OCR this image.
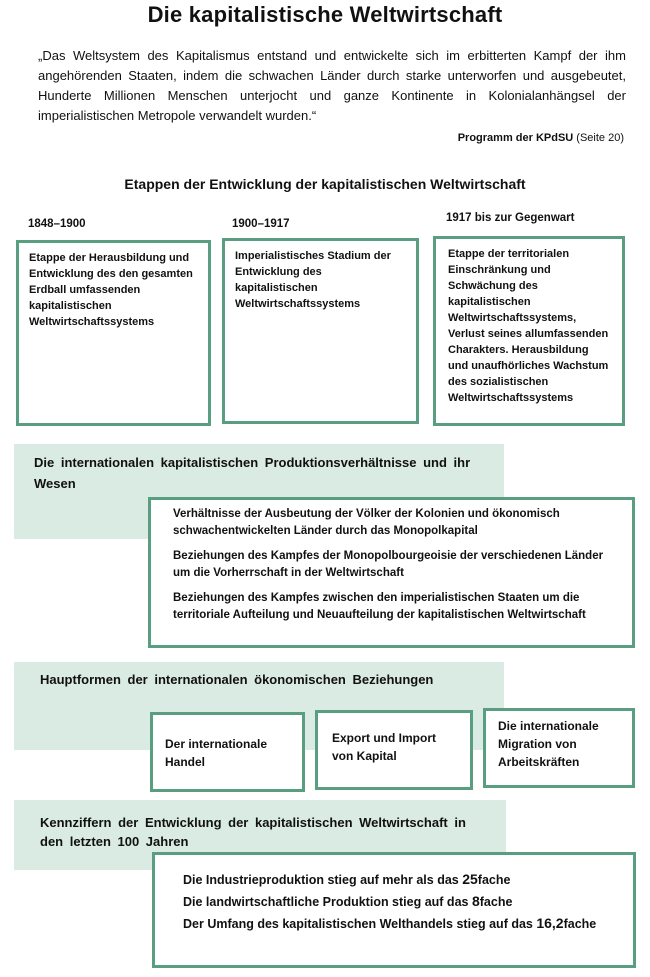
Die kapitalistische Weltwirtschaft
„Das Weltsystem des Kapitalismus entstand und entwickelte sich im erbitterten Kampf der ihm angehörenden Staaten, indem die schwachen Länder durch starke unterworfen und ausgebeutet, Hunderte Millionen Menschen unterjocht und ganze Kontinente in Kolonialanhängsel der imperialistischen Metropole verwandelt wurden.“
Programm der KPdSU (Seite 20)
Etappen der Entwicklung der kapitalistischen Weltwirtschaft
1848–1900
Etappe der Herausbildung und Entwicklung des den gesamten Erdball umfassenden kapitalistischen Weltwirtschaftssystems
1900–1917
Imperialistisches Stadium der Entwicklung des kapitalistischen Weltwirtschaftssystems
1917 bis zur Gegenwart
Etappe der territorialen Einschränkung und Schwächung des kapitalistischen Weltwirtschaftssystems, Verlust seines allumfassenden Charakters. Herausbildung und unaufhörliches Wachstum des sozialistischen Weltwirtschaftssystems
Die internationalen kapitalistischen Produktionsverhältnisse und ihr Wesen

Verhältnisse der Ausbeutung der Völker der Kolonien und ökonomisch schwachentwickelten Länder durch das Monopolkapital

Beziehungen des Kampfes der Monopolbourgeoisie der verschiedenen Länder um die Vorherrschaft in der Weltwirtschaft

Beziehungen des Kampfes zwischen den imperialistischen Staaten um die territoriale Aufteilung und Neuaufteilung der kapitalistischen Weltwirtschaft

Hauptformen der internationalen ökonomischen Beziehungen
Der internationale Handel
Export und Import von Kapital
Die internationale Migration von Arbeitskräften
Kennziffern der Entwicklung der kapitalistischen Weltwirtschaft in den letzten 100 Jahren

Die Industrieproduktion stieg auf mehr als das 25fache

Die landwirtschaftliche Produktion stieg auf das 8fache

Der Umfang des kapitalistischen Welthandels stieg auf das 16,2fache
